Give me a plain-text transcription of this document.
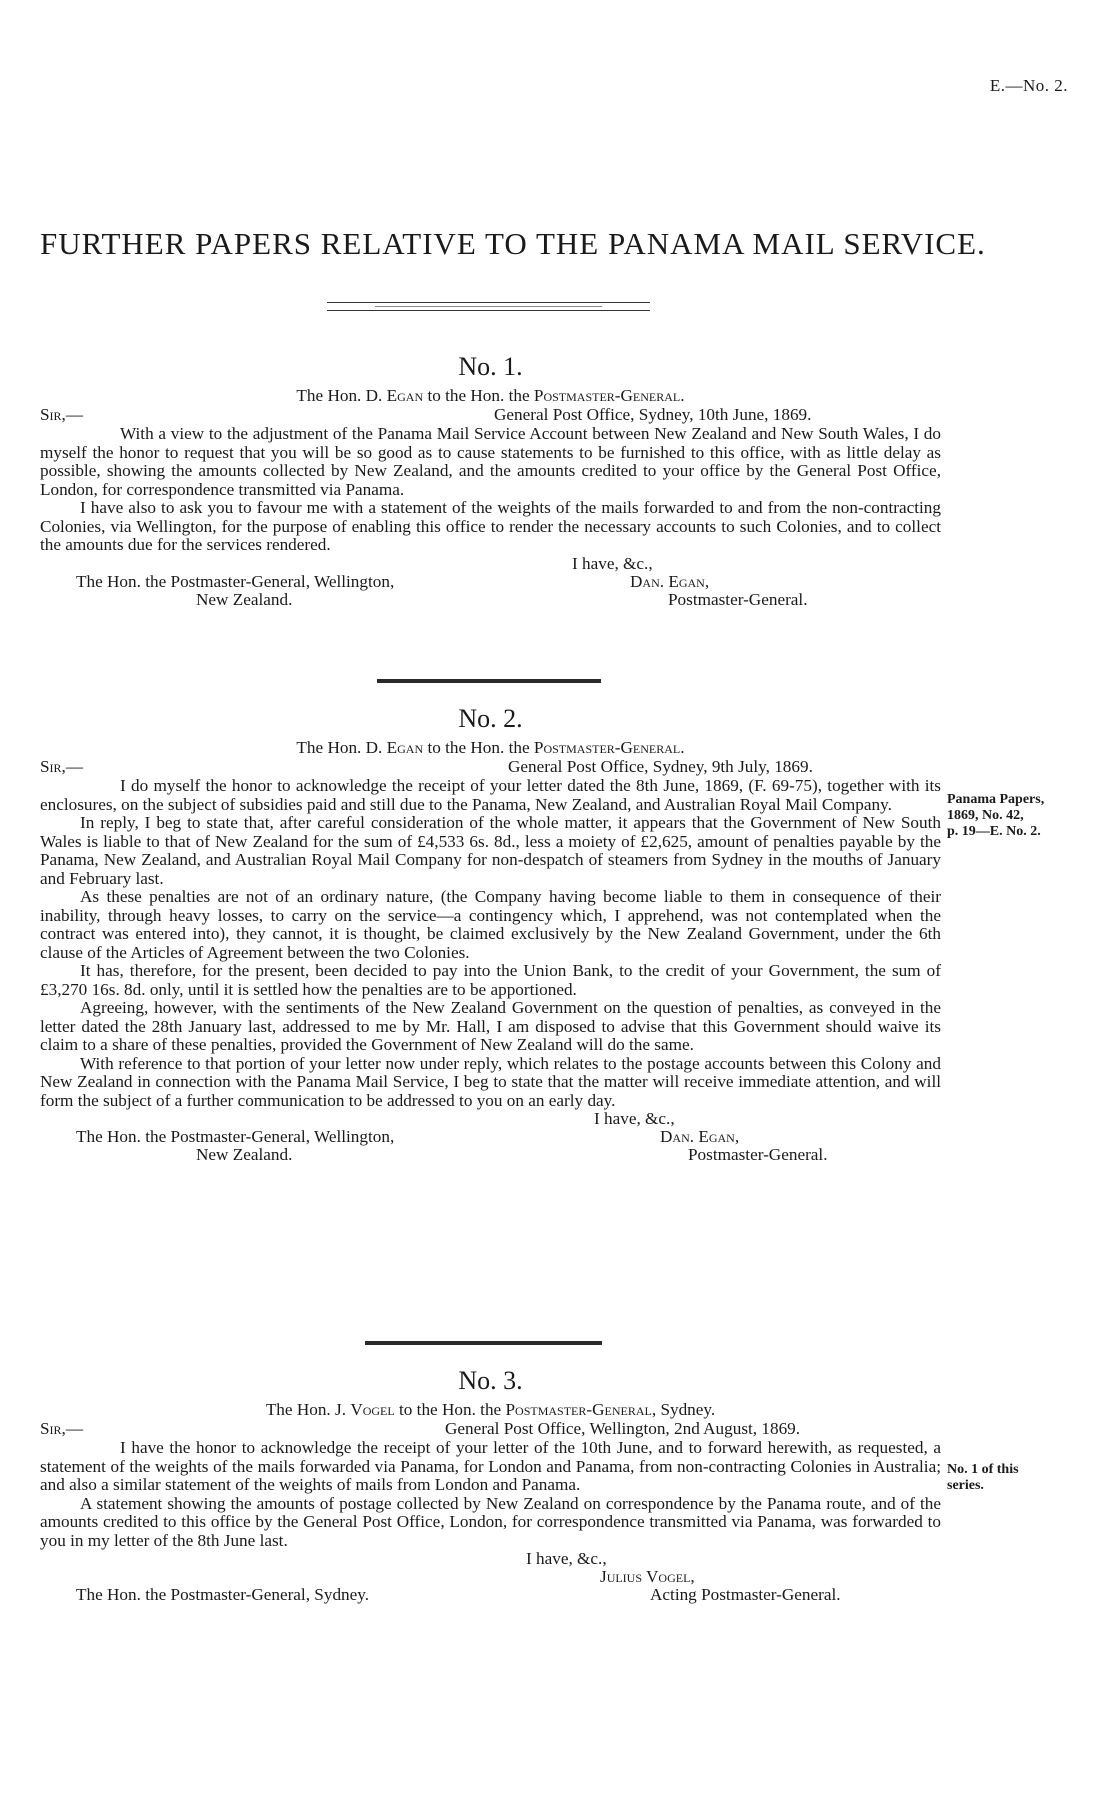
E.—No. 2.
FURTHER PAPERS RELATIVE TO THE PANAMA MAIL SERVICE.
No. 1.
The Hon. D. Egan to the Hon. the Postmaster-General.
Sir,—	General Post Office, Sydney, 10th June, 1869.

With a view to the adjustment of the Panama Mail Service Account between New Zealand and New South Wales, I do myself the honor to request that you will be so good as to cause statements to be furnished to this office, with as little delay as possible, showing the amounts collected by New Zealand, and the amounts credited to your office by the General Post Office, London, for correspondence transmitted via Panama.

I have also to ask you to favour me with a statement of the weights of the mails forwarded to and from the non-contracting Colonies, via Wellington, for the purpose of enabling this office to render the necessary accounts to such Colonies, and to collect the amounts due for the services rendered.

I have, &c.,
The Hon. the Postmaster-General, Wellington,	Dan. Egan,
New Zealand.	Postmaster-General.
No. 2.
The Hon. D. Egan to the Hon. the Postmaster-General.
Sir,—	General Post Office, Sydney, 9th July, 1869.

I do myself the honor to acknowledge the receipt of your letter dated the 8th June, 1869, (F. 69-75), together with its enclosures, on the subject of subsidies paid and still due to the Panama, New Zealand, and Australian Royal Mail Company.

In reply, I beg to state that, after careful consideration of the whole matter, it appears that the Government of New South Wales is liable to that of New Zealand for the sum of £4,533 6s. 8d., less a moiety of £2,625, amount of penalties payable by the Panama, New Zealand, and Australian Royal Mail Company for non-despatch of steamers from Sydney in the mouths of January and February last.

As these penalties are not of an ordinary nature, (the Company having become liable to them in consequence of their inability, through heavy losses, to carry on the service—a contingency which, I apprehend, was not contemplated when the contract was entered into), they cannot, it is thought, be claimed exclusively by the New Zealand Government, under the 6th clause of the Articles of Agreement between the two Colonies.

It has, therefore, for the present, been decided to pay into the Union Bank, to the credit of your Government, the sum of £3,270 16s. 8d. only, until it is settled how the penalties are to be apportioned.

Agreeing, however, with the sentiments of the New Zealand Government on the question of penalties, as conveyed in the letter dated the 28th January last, addressed to me by Mr. Hall, I am disposed to advise that this Government should waive its claim to a share of these penalties, provided the Government of New Zealand will do the same.

With reference to that portion of your letter now under reply, which relates to the postage accounts between this Colony and New Zealand in connection with the Panama Mail Service, I beg to state that the matter will receive immediate attention, and will form the subject of a further communication to be addressed to you on an early day.

I have, &c.,
The Hon. the Postmaster-General, Wellington,	Dan. Egan,
New Zealand.	Postmaster-General.
Panama Papers,
1869, No. 42,
p. 19—E. No. 2.
No. 3.
The Hon. J. Vogel to the Hon. the Postmaster-General, Sydney.
Sir,—	General Post Office, Wellington, 2nd August, 1869.

I have the honor to acknowledge the receipt of your letter of the 10th June, and to forward herewith, as requested, a statement of the weights of the mails forwarded via Panama, for London and Panama, from non-contracting Colonies in Australia; and also a similar statement of the weights of mails from London and Panama.

A statement showing the amounts of postage collected by New Zealand on correspondence by the Panama route, and of the amounts credited to this office by the General Post Office, London, for correspondence transmitted via Panama, was forwarded to you in my letter of the 8th June last.

I have, &c.,
Julius Vogel,
The Hon. the Postmaster-General, Sydney.	Acting Postmaster-General.
No. 1 of this
series.
